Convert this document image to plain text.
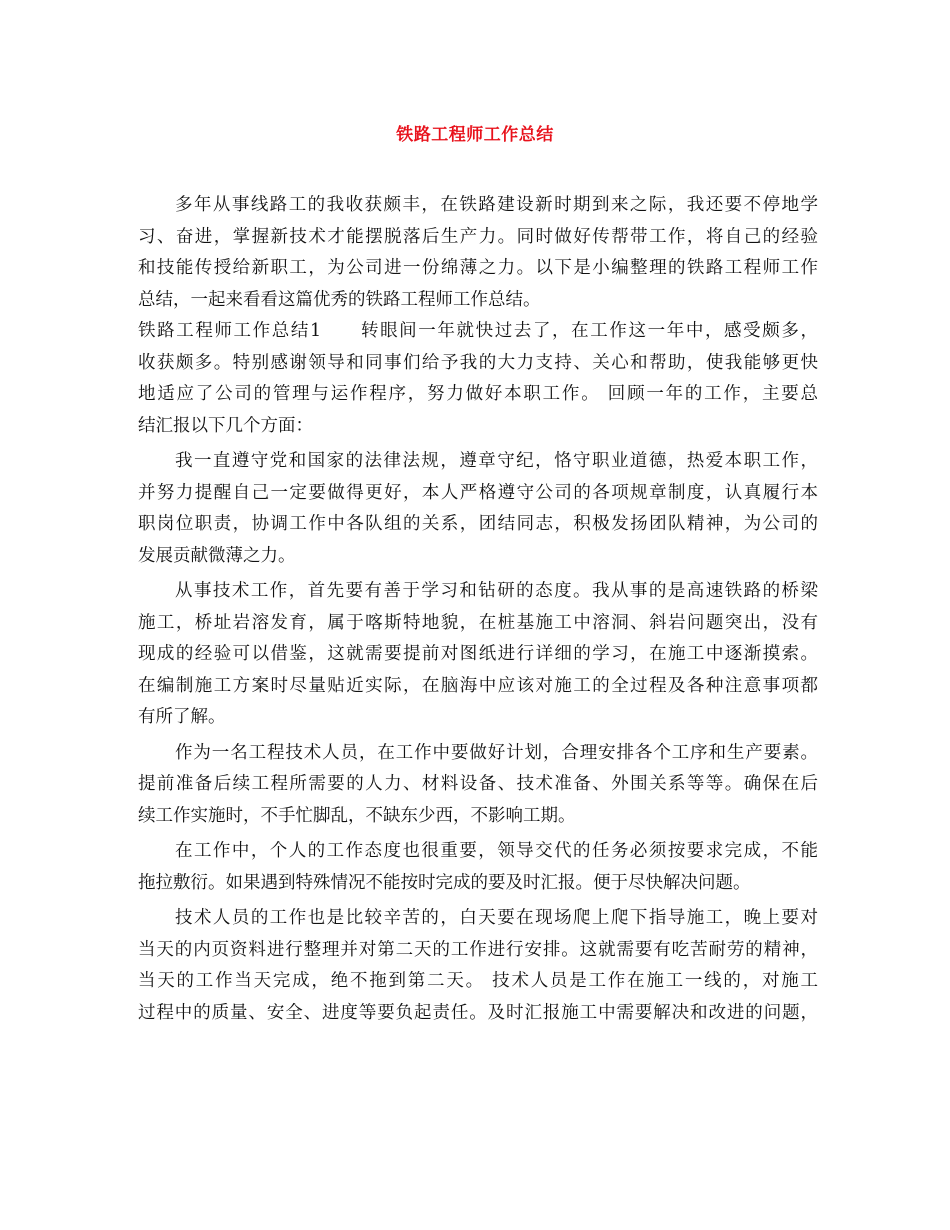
铁路工程师工作总结
多年从事线路工的我收获颇丰，在铁路建设新时期到来之际，我还要不停地学
习、奋进，掌握新技术才能摆脱落后生产力。同时做好传帮带工作，将自己的经验
和技能传授给新职工，为公司进一份绵薄之力。以下是小编整理的铁路工程师工作
总结，一起来看看这篇优秀的铁路工程师工作总结。
铁路工程师工作总结1　　转眼间一年就快过去了，在工作这一年中，感受颇多，
收获颇多。特别感谢领导和同事们给予我的大力支持、关心和帮助，使我能够更快
地适应了公司的管理与运作程序，努力做好本职工作。 回顾一年的工作，主要总
结汇报以下几个方面：
我一直遵守党和国家的法律法规，遵章守纪，恪守职业道德，热爱本职工作，
并努力提醒自己一定要做得更好，本人严格遵守公司的各项规章制度，认真履行本
职岗位职责，协调工作中各队组的关系，团结同志，积极发扬团队精神，为公司的
发展贡献微薄之力。
从事技术工作，首先要有善于学习和钻研的态度。我从事的是高速铁路的桥梁
施工，桥址岩溶发育，属于喀斯特地貌，在桩基施工中溶洞、斜岩问题突出，没有
现成的经验可以借鉴，这就需要提前对图纸进行详细的学习，在施工中逐渐摸索。
在编制施工方案时尽量贴近实际，在脑海中应该对施工的全过程及各种注意事项都
有所了解。
作为一名工程技术人员，在工作中要做好计划，合理安排各个工序和生产要素。
提前准备后续工程所需要的人力、材料设备、技术准备、外围关系等等。确保在后
续工作实施时，不手忙脚乱，不缺东少西，不影响工期。
在工作中，个人的工作态度也很重要，领导交代的任务必须按要求完成，不能
拖拉敷衍。如果遇到特殊情况不能按时完成的要及时汇报。便于尽快解决问题。
技术人员的工作也是比较辛苦的，白天要在现场爬上爬下指导施工，晚上要对
当天的内页资料进行整理并对第二天的工作进行安排。这就需要有吃苦耐劳的精神，
当天的工作当天完成，绝不拖到第二天。 技术人员是工作在施工一线的，对施工
过程中的质量、安全、进度等要负起责任。及时汇报施工中需要解决和改进的问题，
